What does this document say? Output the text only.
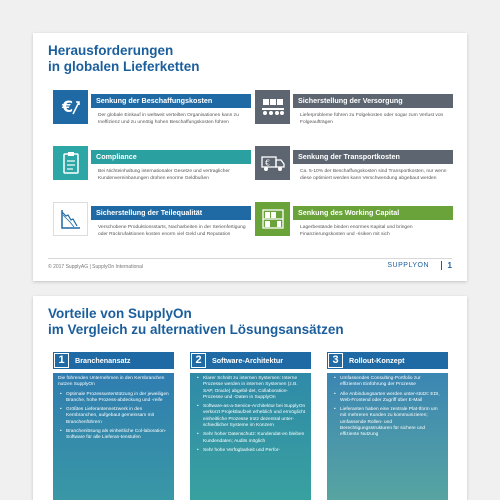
Herausforderungen
in globalen Lieferketten
€	Senkung der Beschaffungskosten
Der globale Einkauf in weltweit verteilten Organisationen kann zu Ineffizienz und zu unnötig hohen Beschaffungskosten führen
Sicherstellung der Versorgung
Lieferprobleme führen zu Folgekosten oder sogar zum Verlust von Folgeaufträgen
Compliance
Bei Nichteinhaltung internationaler Gesetze und vertraglicher Kundenvereinbarungen drohen enorme Geldbußen
€
Senkung der Transportkosten
Ca. 5-10% der Beschaffungskosten sind Transportkosten, nur wenn diese optimiert werden kann Verschwendung abgebaut werden
Sicherstellung der Teilequalität
Verschobene Produktionsstarts, Nacharbeiten in der Serienfertigung oder Rückrufaktionen kosten enorm viel Geld und Reputation
Senkung des Working Capital
Lagerbestände binden enormes Kapital und bringen Finanzierungskosten und -risiken mit sich
© 2017 SupplyAG | SupplyOn International	SUPPLYON	1
Vorteile von SupplyOn
im Vergleich zu alternativen Lösungsansätzen
1	Branchenansatz

Die führenden Unternehmen in den Kernbranchen nutzen SupplyOn

• Optimale Prozessunterstützung in der jeweiligen Branche, hohe Prozess-abdeckung und -reife
• Größtes Lieferantennetzwerk in den Kernbranchen, aufgebaut gemeinsam mit Branchenführern
• Branchenlösung als einheitliche Col-laboration-Software für alle Lieferan-tenstufen
2	Software-Architektur
• Klarer Schnitt zu internen Systemen: Interne Prozesse werden in internen Systemen (z.B. SAP, Oracle) abgebil-det, Collaboration-Prozesse und -Daten in SupplyOn
• Software-as-a-Service-Architektur bei SupplyOn verkürzt Projektlaufzeit erheblich und ermöglicht einheitliche Prozesse trotz dezentral unter-schiedlicher Systeme im Konzern
• Sehr hoher Datenschutz: Kundendat-en bleiben Kundendaten; Audits möglich
• Sehr hohe Verfügbarkeit und Perfor-
3	Rollout-Konzept
• Umfassendes Consulting-Portfolio zur effizienten Einführung der Prozesse
• Alle Anbindungsarten werden unter-stützt: EDI, Web-Frontend oder Zugriff über E-Mail
• Lieferanten haben eine zentrale Plat-tform um mit mehreren Kunden zu kommunizieren; umfassende Rollen- und Berechtigungsstrukturen für sichere und effiziente Nutzung
